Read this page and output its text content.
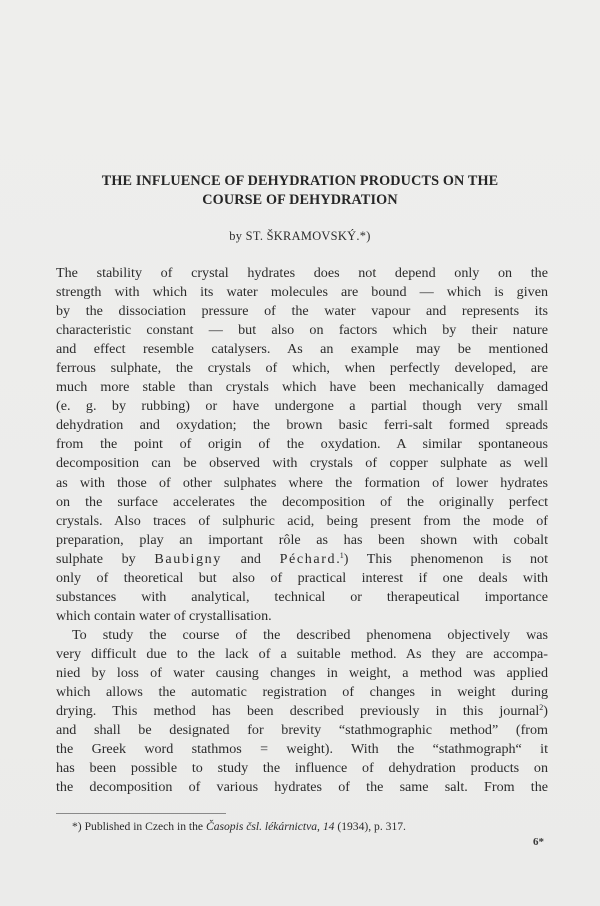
THE INFLUENCE OF DEHYDRATION PRODUCTS ON THE
COURSE OF DEHYDRATION

by ST. ŠKRAMOVSKÝ.*)

The stability of crystal hydrates does not depend only on the
strength with which its water molecules are bound — which is given
by the dissociation pressure of the water vapour and represents its
characteristic constant — but also on factors which by their nature
and effect resemble catalysers. As an example may be mentioned
ferrous sulphate, the crystals of which, when perfectly developed, are
much more stable than crystals which have been mechanically damaged
(e. g. by rubbing) or have undergone a partial though very small
dehydration and oxydation; the brown basic ferri-salt formed spreads
from the point of origin of the oxydation. A similar spontaneous
decomposition can be observed with crystals of copper sulphate as well
as with those of other sulphates where the formation of lower hydrates
on the surface accelerates the decomposition of the originally perfect
crystals. Also traces of sulphuric acid, being present from the mode of
preparation, play an important rôle as has been shown with cobalt
sulphate by Baubigny and Péchard.$^1$) This phenomenon is not
only of theoretical but also of practical interest if one deals with
substances with analytical, technical or therapeutical importance
which contain water of crystallisation.
To study the course of the described phenomena objectively was
very difficult due to the lack of a suitable method. As they are accompa-
nied by loss of water causing changes in weight, a method was applied
which allows the automatic registration of changes in weight during
drying. This method has been described previously in this journal$^2$)
and shall be designated for brevity “stathmographic method” (from
the Greek word stathmos = weight). With the “stathmograph“ it
has been possible to study the influence of dehydration products on
the decomposition of various hydrates of the same salt. From the
*) Published in Czech in the Časopis čsl. lékárnictva, 14 (1934), p. 317.
6*
